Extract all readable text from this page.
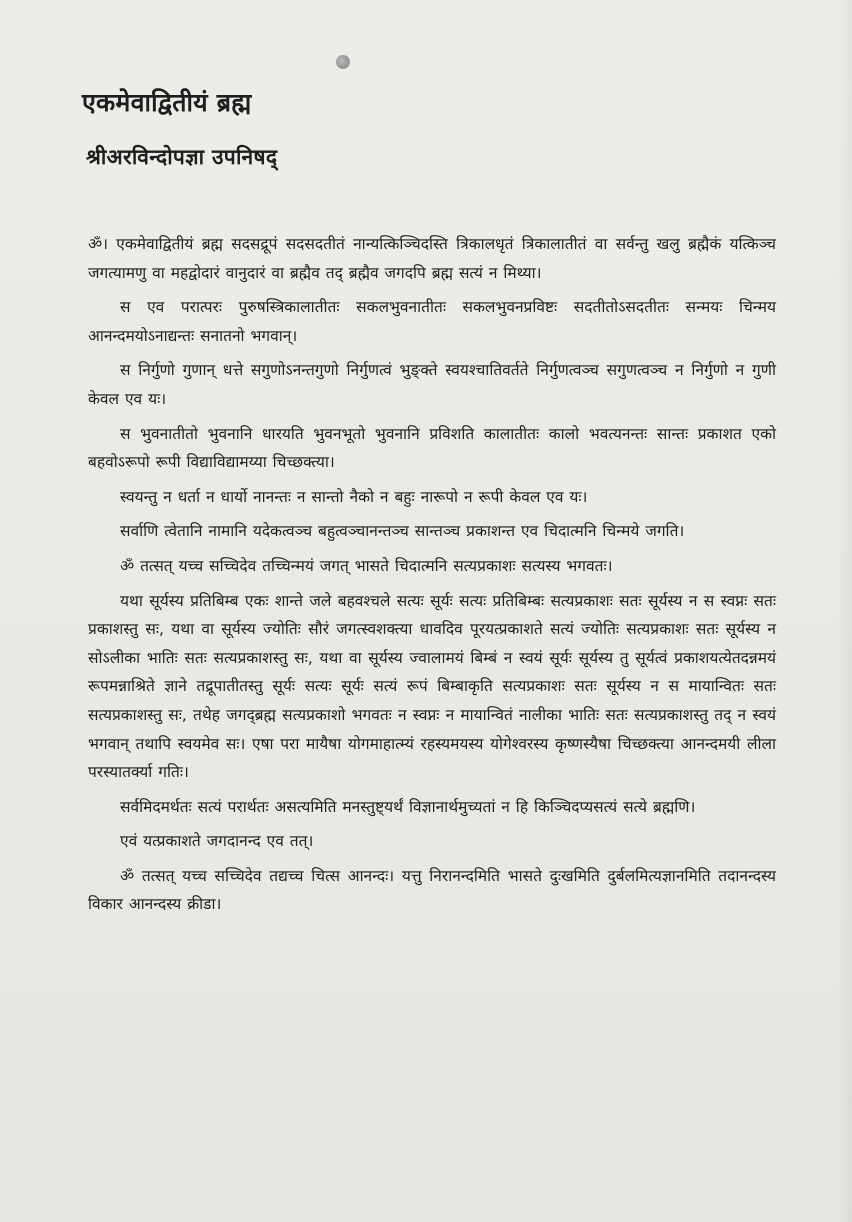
एकमेवाद्वितीयं ब्रह्म
श्रीअरविन्दोपज्ञा उपनिषद्

ॐ। एकमेवाद्वितीयं ब्रह्म सदसद्रूपं सदसदतीतं नान्यत्किञ्चिदस्ति त्रिकालधृतं त्रिकालातीतं वा सर्वन्तु खलु ब्रह्मैकं यत्किञ्च जगत्यामणु वा महद्वोदारं वानुदारं वा ब्रह्मैव तद् ब्रह्मैव जगदपि ब्रह्म सत्यं न मिथ्या।

स एव परात्परः पुरुषस्त्रिकालातीतः सकलभुवनातीतः सकलभुवनप्रविष्टः सदतीतोऽसदतीतः सन्मयः चिन्मय आनन्दमयोऽनाद्यन्तः सनातनो भगवान्।

स निर्गुणो गुणान् धत्ते सगुणोऽनन्तगुणो निर्गुणत्वं भुङ्क्ते स्वयश्चातिवर्तते निर्गुणत्वञ्च सगुणत्वञ्च न निर्गुणो न गुणी केवल एव यः।

स भुवनातीतो भुवनानि धारयति भुवनभूतो भुवनानि प्रविशति कालातीतः कालो भवत्यनन्तः सान्तः प्रकाशत एको बहवोऽरूपो रूपी विद्याविद्यामय्या चिच्छक्त्या।

स्वयन्तु न धर्ता न धार्यो नानन्तः न सान्तो नैको न बहुः नारूपो न रूपी केवल एव यः।

सर्वाणि त्वेतानि नामानि यदेकत्वञ्च बहुत्वञ्चानन्तञ्च सान्तञ्च प्रकाशन्त एव चिदात्मनि चिन्मये जगति।

ॐ तत्सत् यच्च सच्चिदेव तच्चिन्मयं जगत् भासते चिदात्मनि सत्यप्रकाशः सत्यस्य भगवतः।

यथा सूर्यस्य प्रतिबिम्ब एकः शान्ते जले बहवश्चले सत्यः सूर्यः सत्यः प्रतिबिम्बः सत्यप्रकाशः सतः सूर्यस्य न स स्वप्नः सतः प्रकाशस्तु सः, यथा वा सूर्यस्य ज्योतिः सौरं जगत्स्वशक्त्या धावदिव पूरयत्प्रकाशते सत्यं ज्योतिः सत्यप्रकाशः सतः सूर्यस्य न सोऽलीका भातिः सतः सत्यप्रकाशस्तु सः, यथा वा सूर्यस्य ज्वालामयं बिम्बं न स्वयं सूर्यः सूर्यस्य तु सूर्यत्वं प्रकाशयत्येतदन्नमयं रूपमन्नाश्रिते ज्ञाने तद्रूपातीतस्तु सूर्यः सत्यः सूर्यः सत्यं रूपं बिम्बाकृति सत्यप्रकाशः सतः सूर्यस्य न स मायान्वितः सतः सत्यप्रकाशस्तु सः, तथेह जगद्ब्रह्म सत्यप्रकाशो भगवतः न स्वप्नः न मायान्वितं नालीका भातिः सतः सत्यप्रकाशस्तु तद् न स्वयं भगवान् तथापि स्वयमेव सः। एषा परा मायैषा योगमाहात्म्यं रहस्यमयस्य योगेश्वरस्य कृष्णस्यैषा चिच्छक्त्या आनन्दमयी लीला परस्यातर्क्या गतिः।

सर्वमिदमर्थतः सत्यं परार्थतः असत्यमिति मनस्तुष्ट्यर्थं विज्ञानार्थमुच्यतां न हि किञ्चिदप्यसत्यं सत्ये ब्रह्मणि।

एवं यत्प्रकाशते जगदानन्द एव तत्।

ॐ तत्सत् यच्च सच्चिदेव तद्यच्च चित्स आनन्दः। यत्तु निरानन्दमिति भासते दुःखमिति दुर्बलमित्यज्ञानमिति तदानन्दस्य विकार आनन्दस्य क्रीडा।
